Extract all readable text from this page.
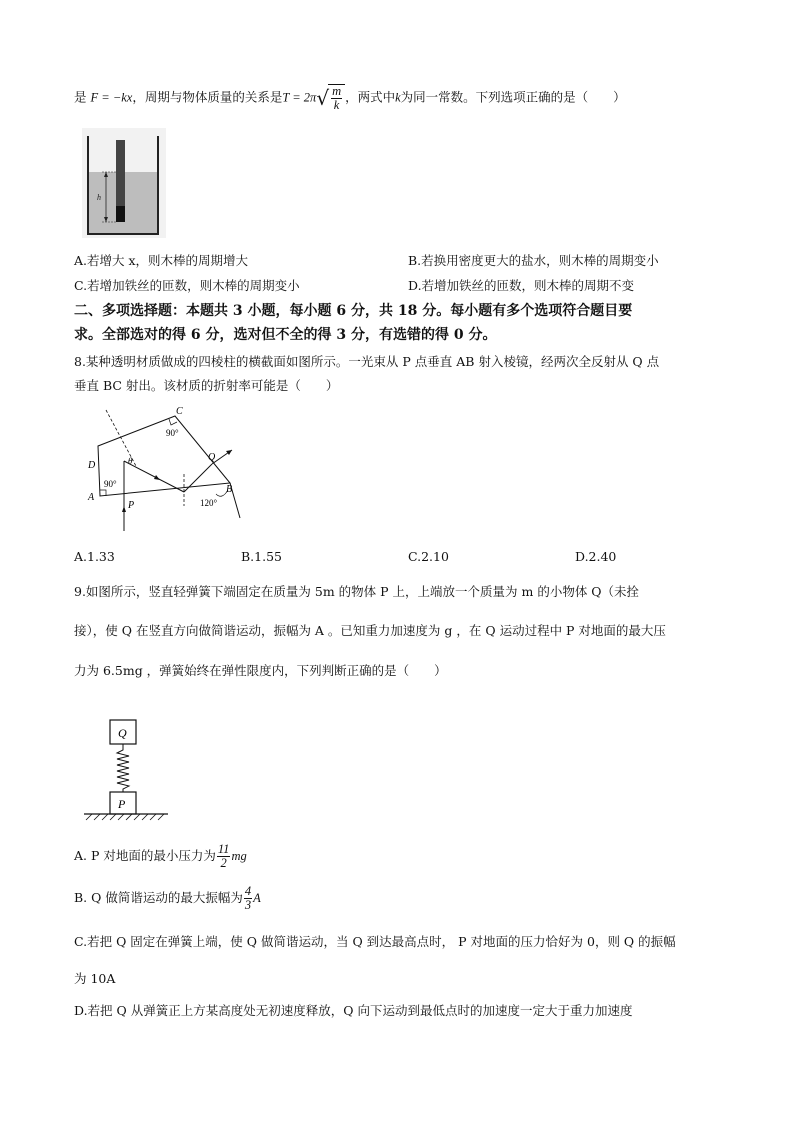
是 F = −kx，周期与物体质量的关系是$T = 2\pi√ \frac{m}{k}$ ，两式中k为同一常数。下列选项正确的是（　　）
h
A.若增大 x，则木棒的周期增大	B.若换用密度更大的盐水，则木棒的周期变小
C.若增加铁丝的匝数，则木棒的周期变小	D.若增加铁丝的匝数，则木棒的周期不变
二、多项选择题：本题共 3 小题，每小题 6 分，共 18 分。每小题有多个选项符合题目要
求。全部选对的得 6 分，选对但不全的得 3 分，有选错的得 0 分。
8.某种透明材质做成的四棱柱的横截面如图所示。一光束从 P 点垂直 AB 射入棱镜，经两次全反射从 Q 点
垂直 BC 射出。该材质的折射率可能是（　　）
C
90°
D	θ
90°
A
P
Q
B
120°
A.1.33	B.1.55	C.2.10	D.2.40
9.如图所示，竖直轻弹簧下端固定在质量为 5m 的物体 P 上，上端放一个质量为 m 的小物体 Q（未拴
接），使 Q 在竖直方向做简谐运动，振幅为 A 。已知重力加速度为 g ，在 Q 运动过程中 P 对地面的最大压
力为 6.5mg ，弹簧始终在弹性限度内，下列判断正确的是（　　）
Q
P
A. P 对地面的最小压力为 $\frac{11}{2}$ mg
B. Q 做简谐运动的最大振幅为 $\frac{4}{3}$ A
C.若把 Q 固定在弹簧上端，使 Q 做简谐运动，当 Q 到达最高点时， P 对地面的压力恰好为 0，则 Q 的振幅
为 10A
D.若把 Q 从弹簧正上方某高度处无初速度释放，Q 向下运动到最低点时的加速度一定大于重力加速度
